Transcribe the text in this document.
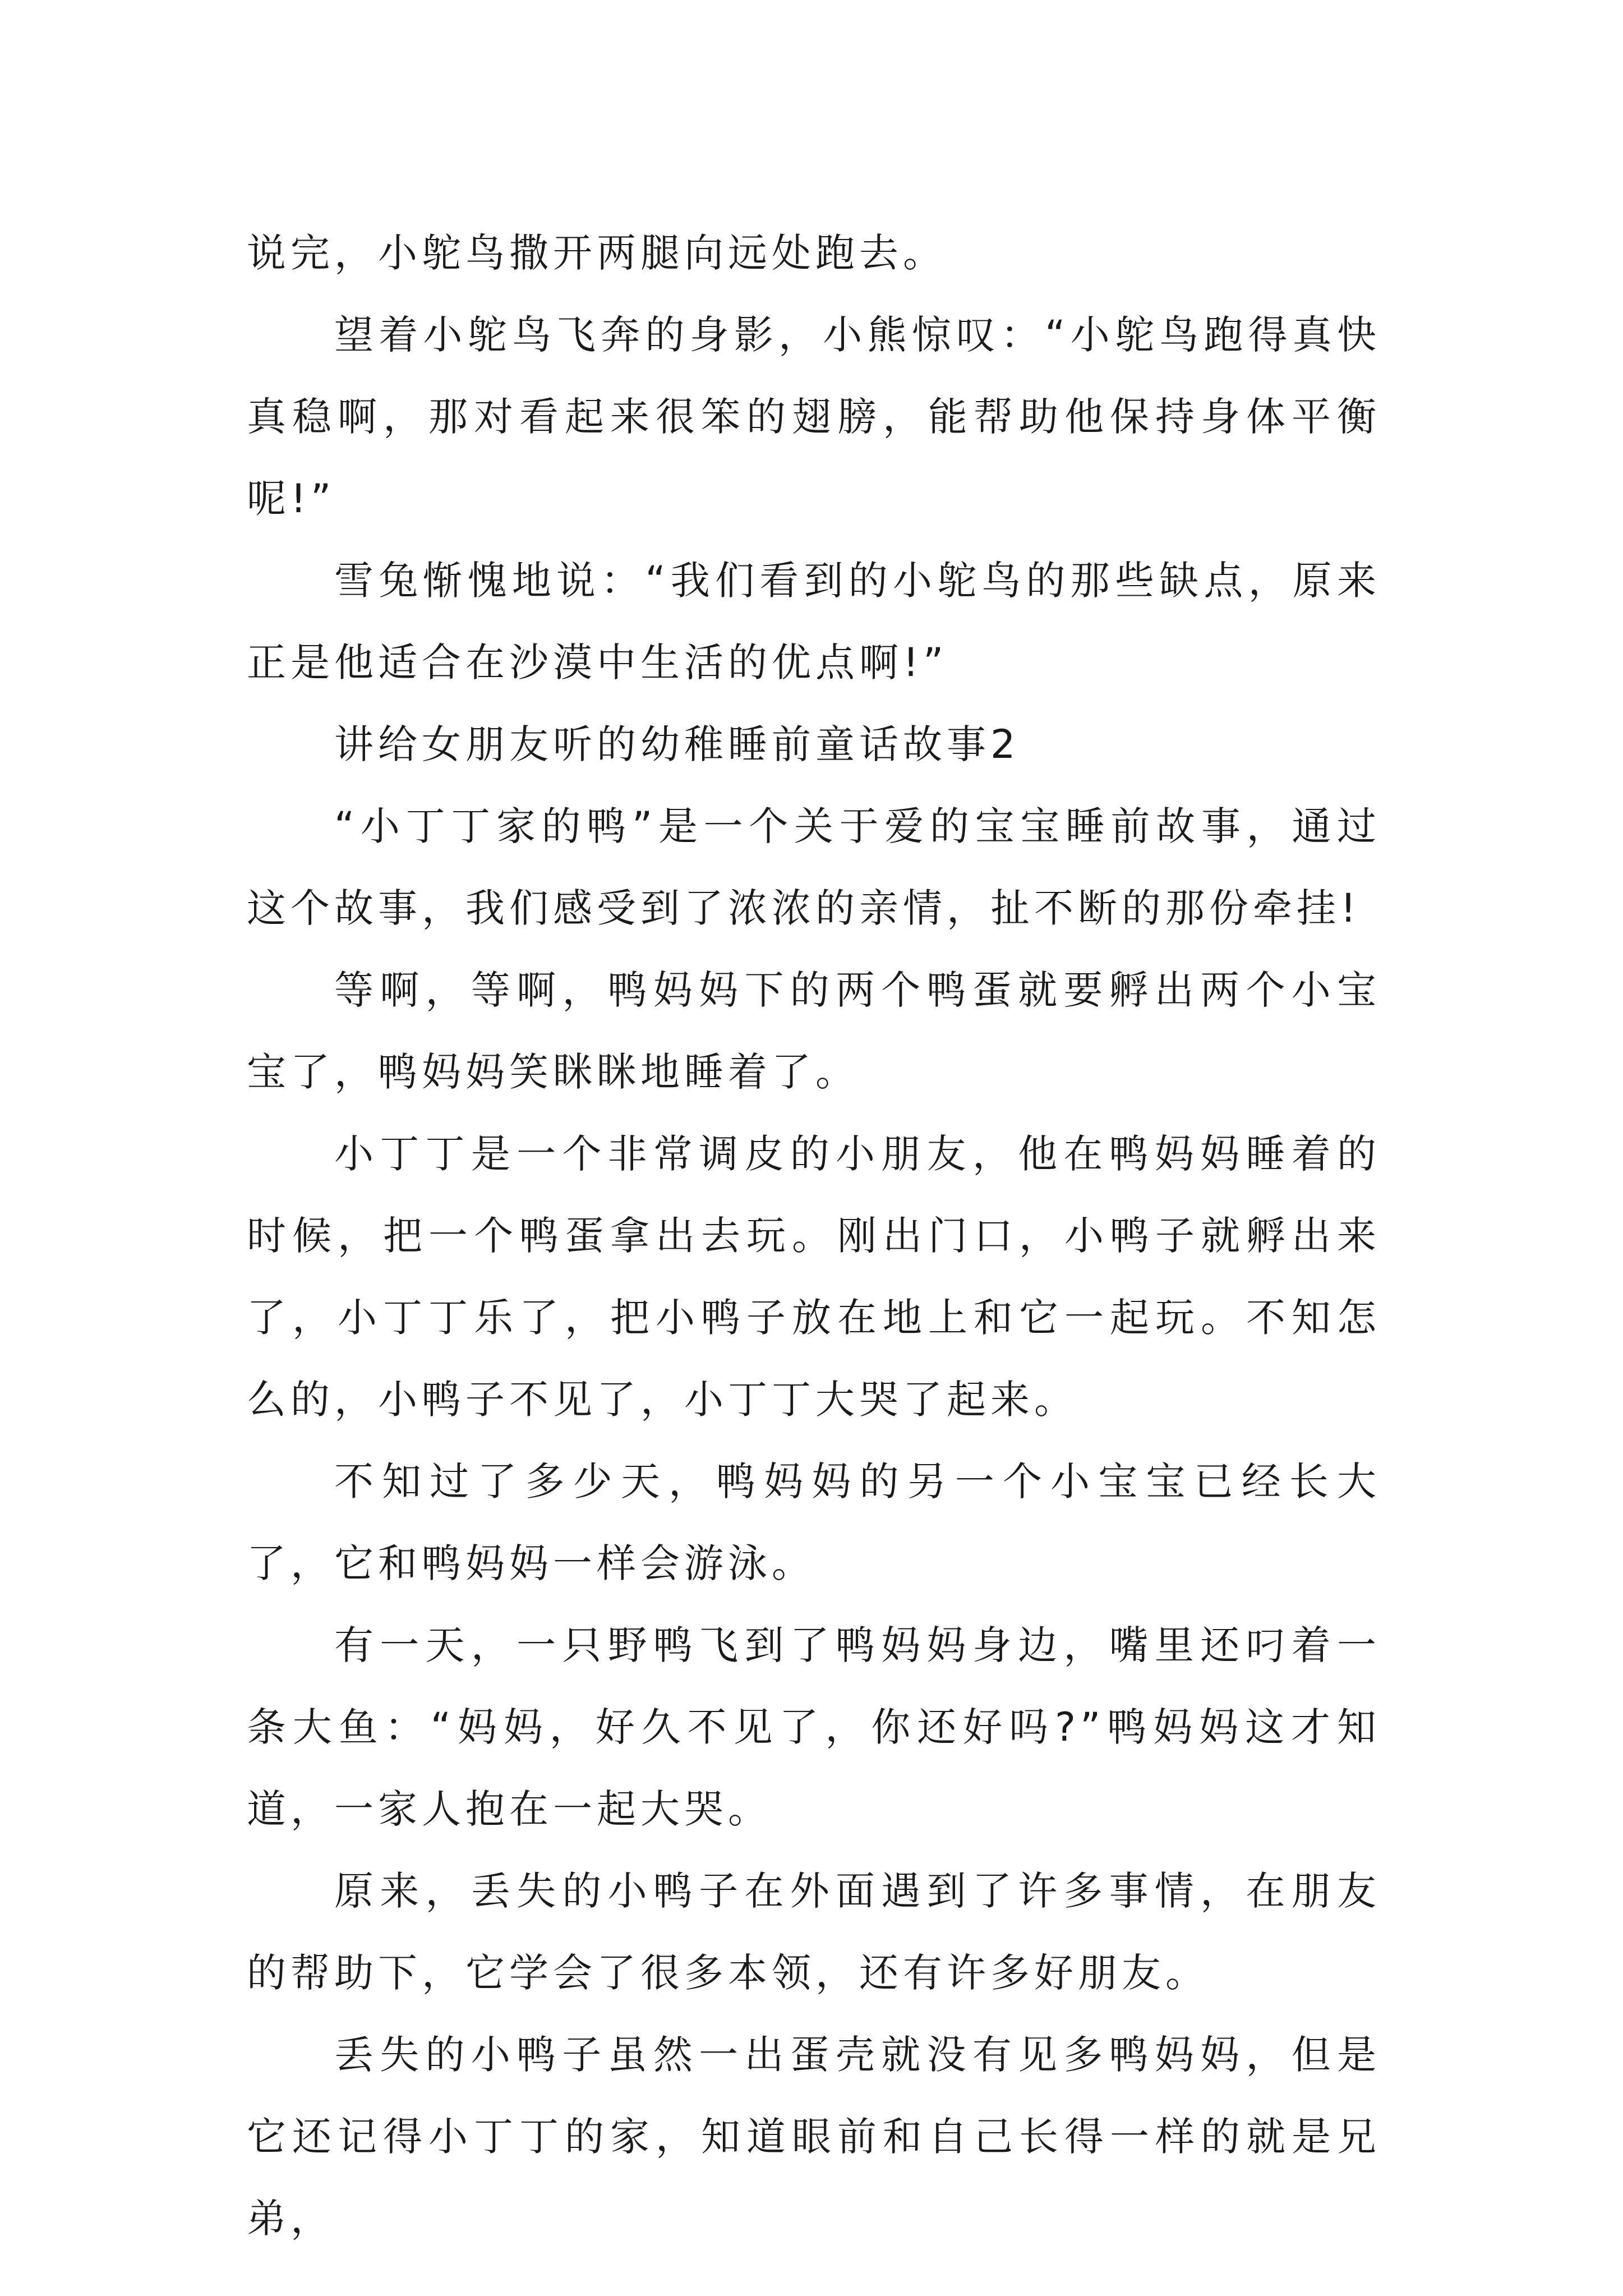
说完，小鸵鸟撒开两腿向远处跑去。

望着小鸵鸟飞奔的身影，小熊惊叹：“小鸵鸟跑得真快真稳啊，那对看起来很笨的翅膀，能帮助他保持身体平衡呢!”

雪兔惭愧地说：“我们看到的小鸵鸟的那些缺点，原来正是他适合在沙漠中生活的优点啊!”

讲给女朋友听的幼稚睡前童话故事2

“小丁丁家的鸭”是一个关于爱的宝宝睡前故事，通过这个故事，我们感受到了浓浓的亲情，扯不断的那份牵挂!

等啊，等啊，鸭妈妈下的两个鸭蛋就要孵出两个小宝宝了，鸭妈妈笑眯眯地睡着了。

小丁丁是一个非常调皮的小朋友，他在鸭妈妈睡着的时候，把一个鸭蛋拿出去玩。刚出门口，小鸭子就孵出来了，小丁丁乐了，把小鸭子放在地上和它一起玩。不知怎么的，小鸭子不见了，小丁丁大哭了起来。

不知过了多少天，鸭妈妈的另一个小宝宝已经长大了，它和鸭妈妈一样会游泳。

有一天，一只野鸭飞到了鸭妈妈身边，嘴里还叼着一条大鱼：“妈妈，好久不见了，你还好吗?”鸭妈妈这才知道，一家人抱在一起大哭。

原来，丢失的小鸭子在外面遇到了许多事情，在朋友的帮助下，它学会了很多本领，还有许多好朋友。

丢失的小鸭子虽然一出蛋壳就没有见多鸭妈妈，但是它还记得小丁丁的家，知道眼前和自己长得一样的就是兄弟，
